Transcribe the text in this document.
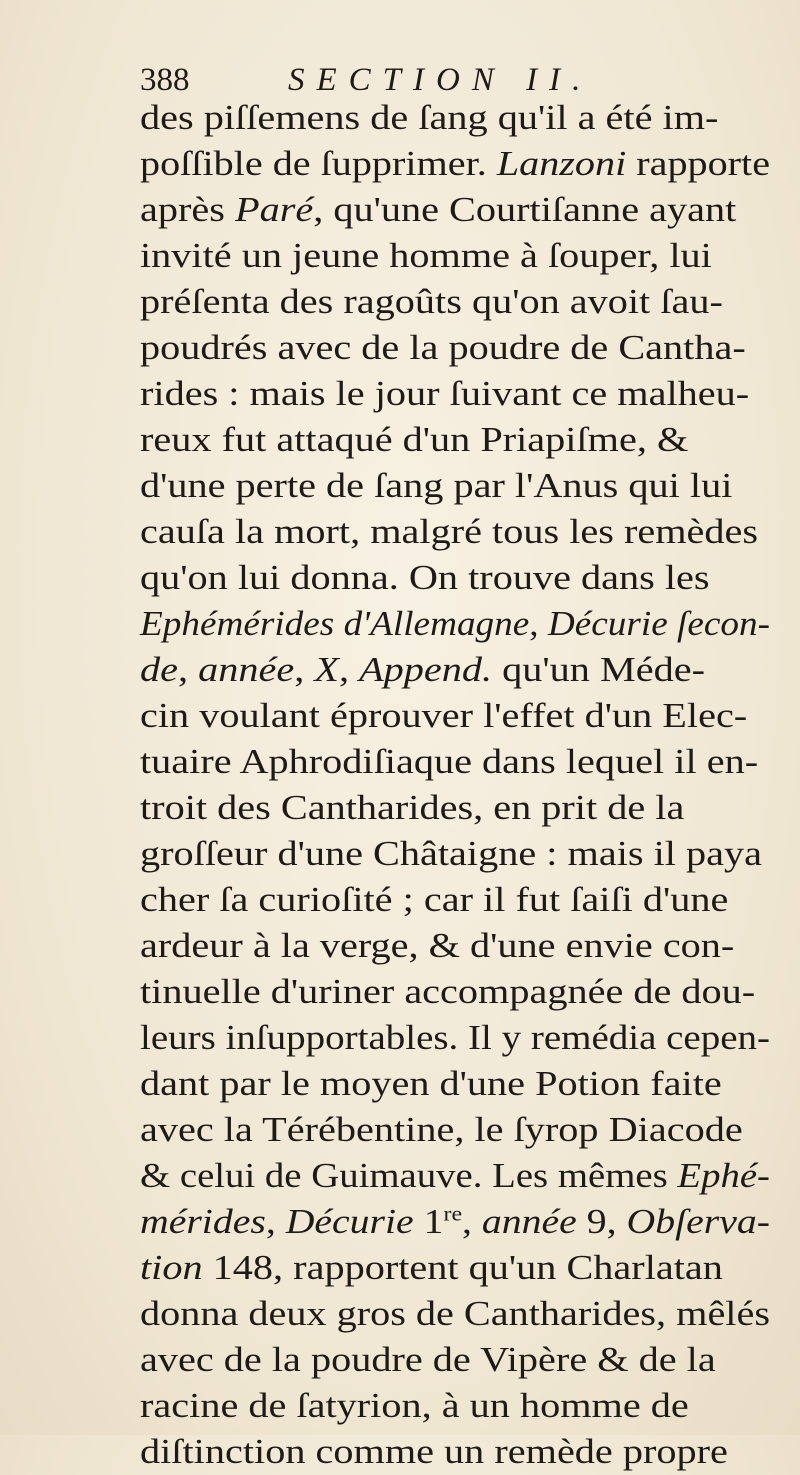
388	SECTION II.
des piſſemens de ſang qu'il a été im-
poſſible de ſupprimer. Lanzoni rapporte
après Paré, qu'une Courtiſanne ayant
invité un jeune homme à ſouper, lui
préſenta des ragoûts qu'on avoit ſau-
poudrés avec de la poudre de Cantha-
rides : mais le jour ſuivant ce malheu-
reux fut attaqué d'un Priapiſme, &
d'une perte de ſang par l'Anus qui lui
cauſa la mort, malgré tous les remèdes
qu'on lui donna. On trouve dans les
Ephémérides d'Allemagne, Décurie ſecon-
de, année, X, Append. qu'un Méde-
cin voulant éprouver l'effet d'un Elec-
tuaire Aphrodiſiaque dans lequel il en-
troit des Cantharides, en prit de la
groſſeur d'une Châtaigne : mais il paya
cher ſa curioſité ; car il fut ſaiſi d'une
ardeur à la verge, & d'une envie con-
tinuelle d'uriner accompagnée de dou-
leurs inſupportables. Il y remédia cepen-
dant par le moyen d'une Potion faite
avec la Térébentine, le ſyrop Diacode
& celui de Guimauve. Les mêmes Ephé-
mérides, Décurie 1re, année 9, Obſerva-
tion 148, rapportent qu'un Charlatan
donna deux gros de Cantharides, mêlés
avec de la poudre de Vipère & de la
racine de ſatyrion, à un homme de
diſtinction comme un remède propre
